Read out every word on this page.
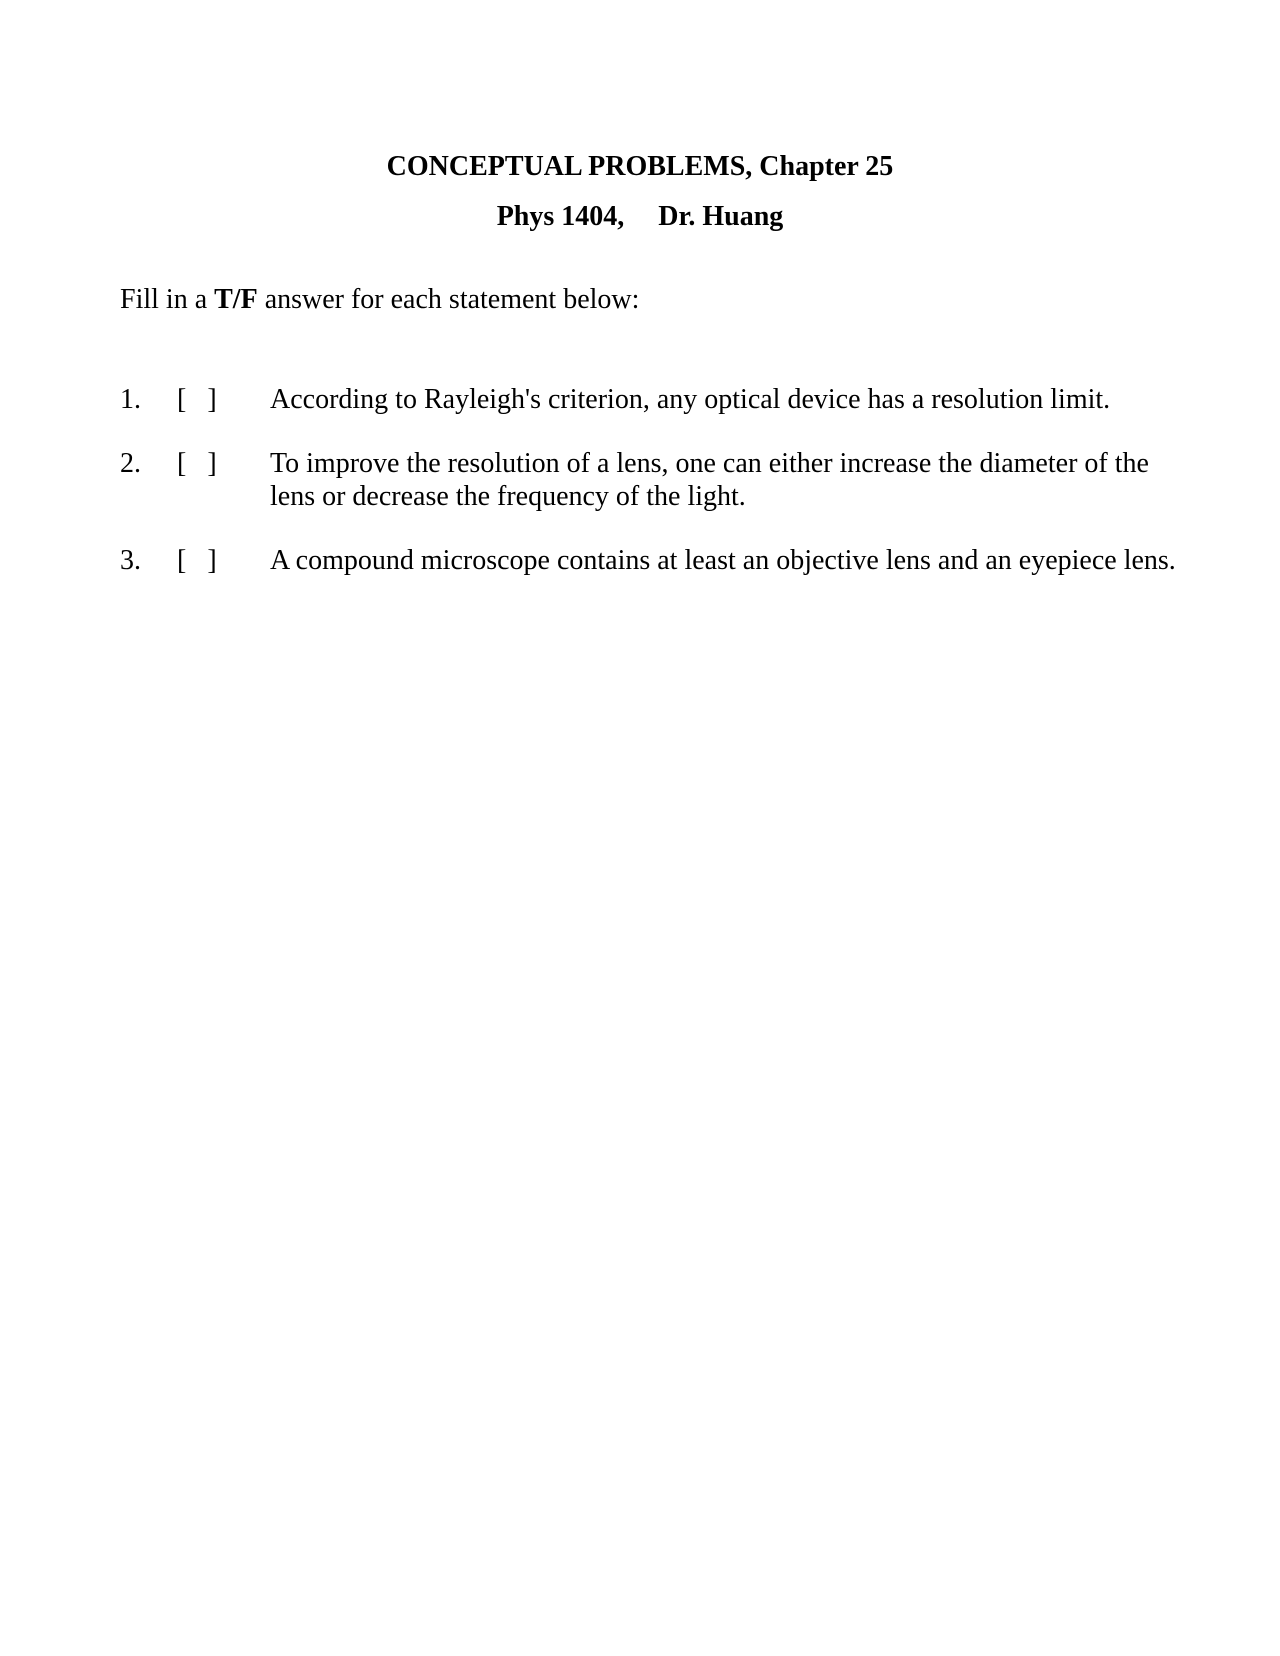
CONCEPTUAL PROBLEMS, Chapter 25
Phys 1404, Dr. Huang
Fill in a T/F answer for each statement below:
1. [   ] According to Rayleigh's criterion, any optical device has a resolution limit.
2. [   ] To improve the resolution of a lens, one can either increase the diameter of the lens or decrease the frequency of the light.
3. [   ] A compound microscope contains at least an objective lens and an eyepiece lens.
